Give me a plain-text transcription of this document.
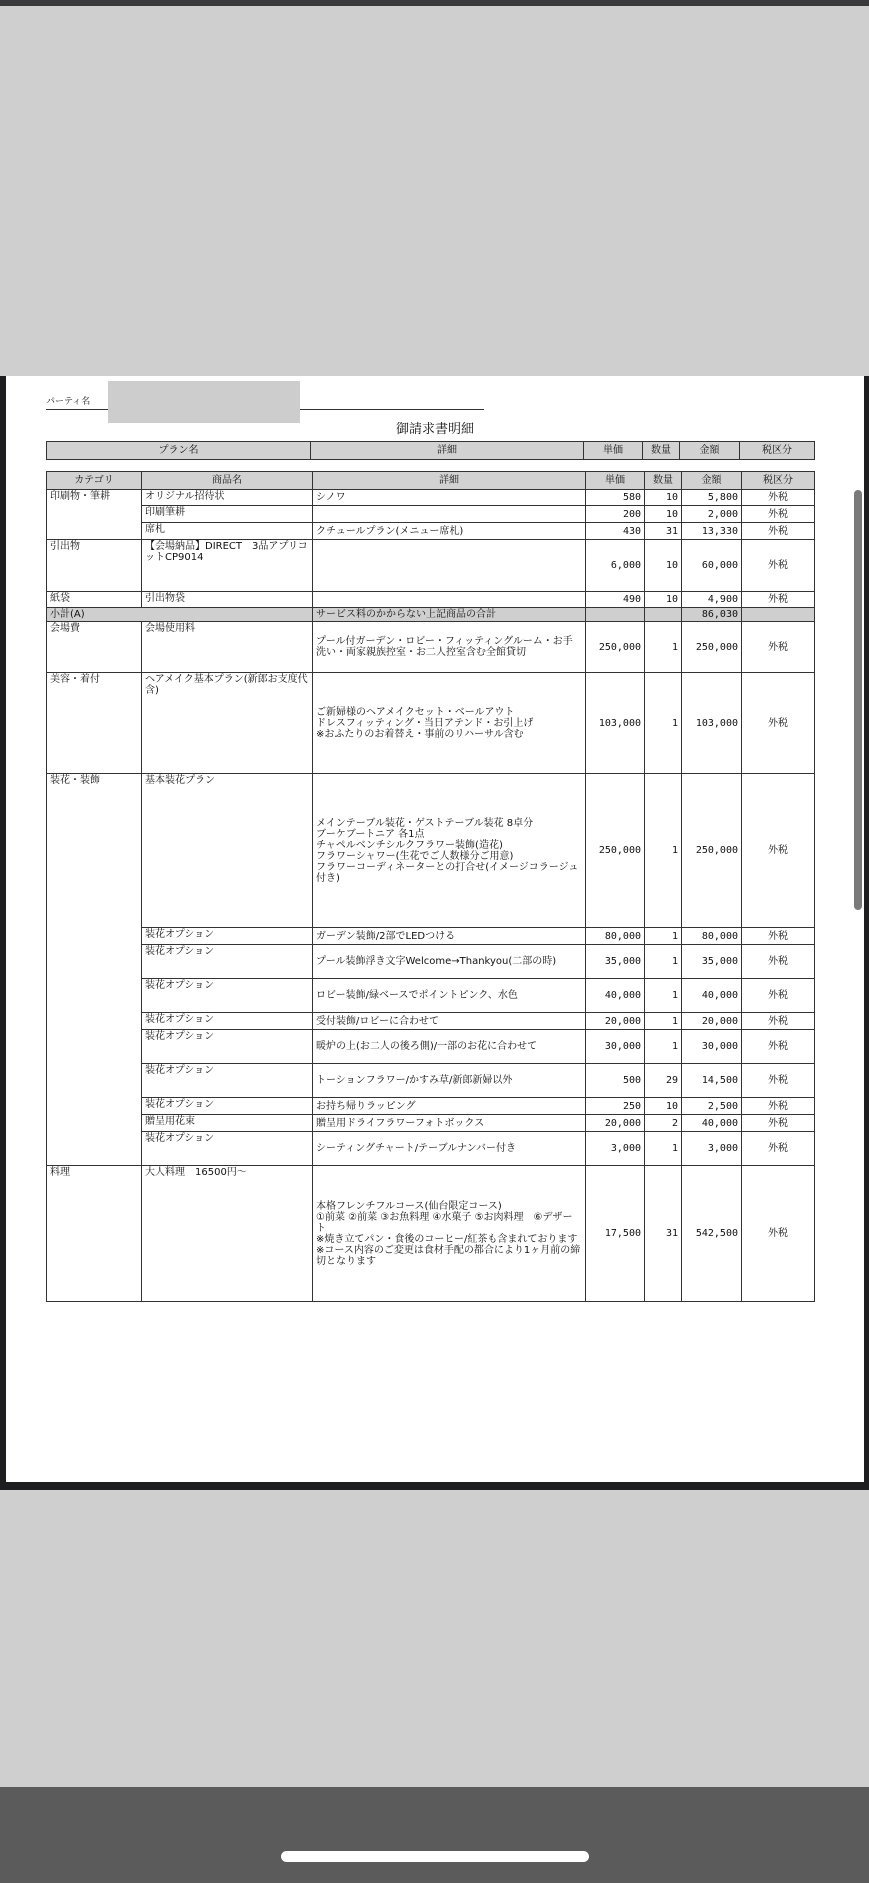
パーティ名
御請求書明細
プラン名	詳細	単価	数量	金額	税区分
カテゴリ	商品名	詳細	単価	数量	金額	税区分
印刷物・筆耕	オリジナル招待状	シノワ	580	10	5,800	外税
	印刷筆耕		200	10	2,000	外税
	席札	クチュールプラン(メニュー席札)	430	31	13,330	外税
引出物	【会場納品】DIRECT　3品アプリコットCP9014		6,000	10	60,000	外税
紙袋	引出物袋		490	10	4,900	外税
小計(A)		サービス料のかからない上記商品の合計			86,030	
会場費	会場使用料	プール付ガーデン・ロビー・フィッティングルーム・お手洗い・両家親族控室・お二人控室含む全館貸切	250,000	1	250,000	外税
美容・着付	ヘアメイク基本プラン(新郎お支度代含)	ご新婦様のヘアメイクセット・ベールアウト
ドレスフィッティング・当日アテンド・お引上げ
※おふたりのお着替え・事前のリハーサル含む	103,000	1	103,000	外税
装花・装飾	基本装花プラン	メインテーブル装花・ゲストテーブル装花 8卓分
ブーケブートニア 各1点
チャペルベンチシルクフラワー装飾(造花)
フラワーシャワー(生花でご人数様分ご用意)
フラワーコーディネーターとの打合せ(イメージコラージュ付き)	250,000	1	250,000	外税
	装花オプション	ガーデン装飾/2部でLEDつける	80,000	1	80,000	外税
	装花オプション	プール装飾浮き文字Welcome→Thankyou(二部の時)	35,000	1	35,000	外税
	装花オプション	ロビー装飾/緑ベースでポイントピンク、水色	40,000	1	40,000	外税
	装花オプション	受付装飾/ロビーに合わせて	20,000	1	20,000	外税
	装花オプション	暖炉の上(お二人の後ろ側)/一部のお花に合わせて	30,000	1	30,000	外税
	装花オプション	トーションフラワー/かすみ草/新郎新婦以外	500	29	14,500	外税
	装花オプション	お持ち帰りラッピング	250	10	2,500	外税
	贈呈用花束	贈呈用ドライフラワーフォトボックス	20,000	2	40,000	外税
	装花オプション	シーティングチャート/テーブルナンバー付き	3,000	1	3,000	外税
料理	大人料理　16500円〜	本格フレンチフルコース(仙台限定コース)
①前菜 ②前菜 ③お魚料理 ④水菓子 ⑤お肉料理　⑥デザート
※焼き立てパン・食後のコーヒー/紅茶も含まれております
※コース内容のご変更は食材手配の都合により1ヶ月前の締切となります	17,500	31	542,500	外税
